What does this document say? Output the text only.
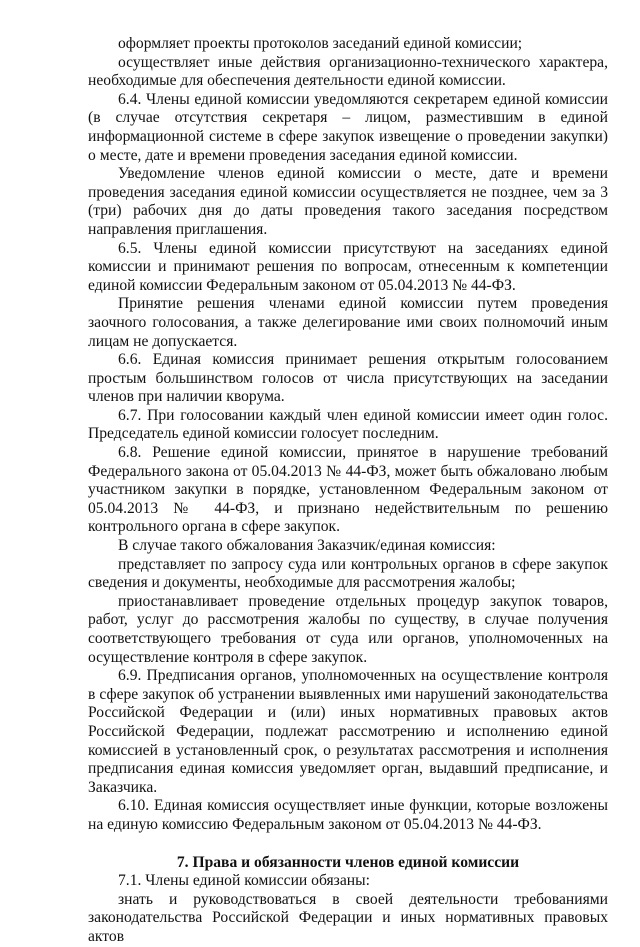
оформляет проекты протоколов заседаний единой комиссии;

осуществляет иные действия организационно-технического характера, необходимые для обеспечения деятельности единой комиссии.

6.4. Члены единой комиссии уведомляются секретарем единой комиссии (в случае отсутствия секретаря – лицом, разместившим в единой информационной системе в сфере закупок извещение о проведении закупки) о месте, дате и времени проведения заседания единой комиссии.

Уведомление членов единой комиссии о месте, дате и времени проведения заседания единой комиссии осуществляется не позднее, чем за 3 (три) рабочих дня до даты проведения такого заседания посредством направления приглашения.

6.5. Члены единой комиссии присутствуют на заседаниях единой комиссии и принимают решения по вопросам, отнесенным к компетенции единой комиссии Федеральным законом от 05.04.2013 № 44-ФЗ.

Принятие решения членами единой комиссии путем проведения заочного голосования, а также делегирование ими своих полномочий иным лицам не допускается.

6.6. Единая комиссия принимает решения открытым голосованием простым большинством голосов от числа присутствующих на заседании членов при наличии кворума.

6.7. При голосовании каждый член единой комиссии имеет один голос. Председатель единой комиссии голосует последним.

6.8. Решение единой комиссии, принятое в нарушение требований Федерального закона от 05.04.2013 № 44-ФЗ, может быть обжаловано любым участником закупки в порядке, установленном Федеральным законом от 05.04.2013 № 44-ФЗ, и признано недействительным по решению контрольного органа в сфере закупок.

В случае такого обжалования Заказчик/единая комиссия:

представляет по запросу суда или контрольных органов в сфере закупок сведения и документы, необходимые для рассмотрения жалобы;

приостанавливает проведение отдельных процедур закупок товаров, работ, услуг до рассмотрения жалобы по существу, в случае получения соответствующего требования от суда или органов, уполномоченных на осуществление контроля в сфере закупок.

6.9. Предписания органов, уполномоченных на осуществление контроля в сфере закупок об устранении выявленных ими нарушений законодательства Российской Федерации и (или) иных нормативных правовых актов Российской Федерации, подлежат рассмотрению и исполнению единой комиссией в установленный срок, о результатах рассмотрения и исполнения предписания единая комиссия уведомляет орган, выдавший предписание, и Заказчика.

6.10. Единая комиссия осуществляет иные функции, которые возложены на единую комиссию Федеральным законом от 05.04.2013 № 44-ФЗ.

7. Права и обязанности членов единой комиссии

7.1. Члены единой комиссии обязаны:

знать и руководствоваться в своей деятельности требованиями законодательства Российской Федерации и иных нормативных правовых актов
